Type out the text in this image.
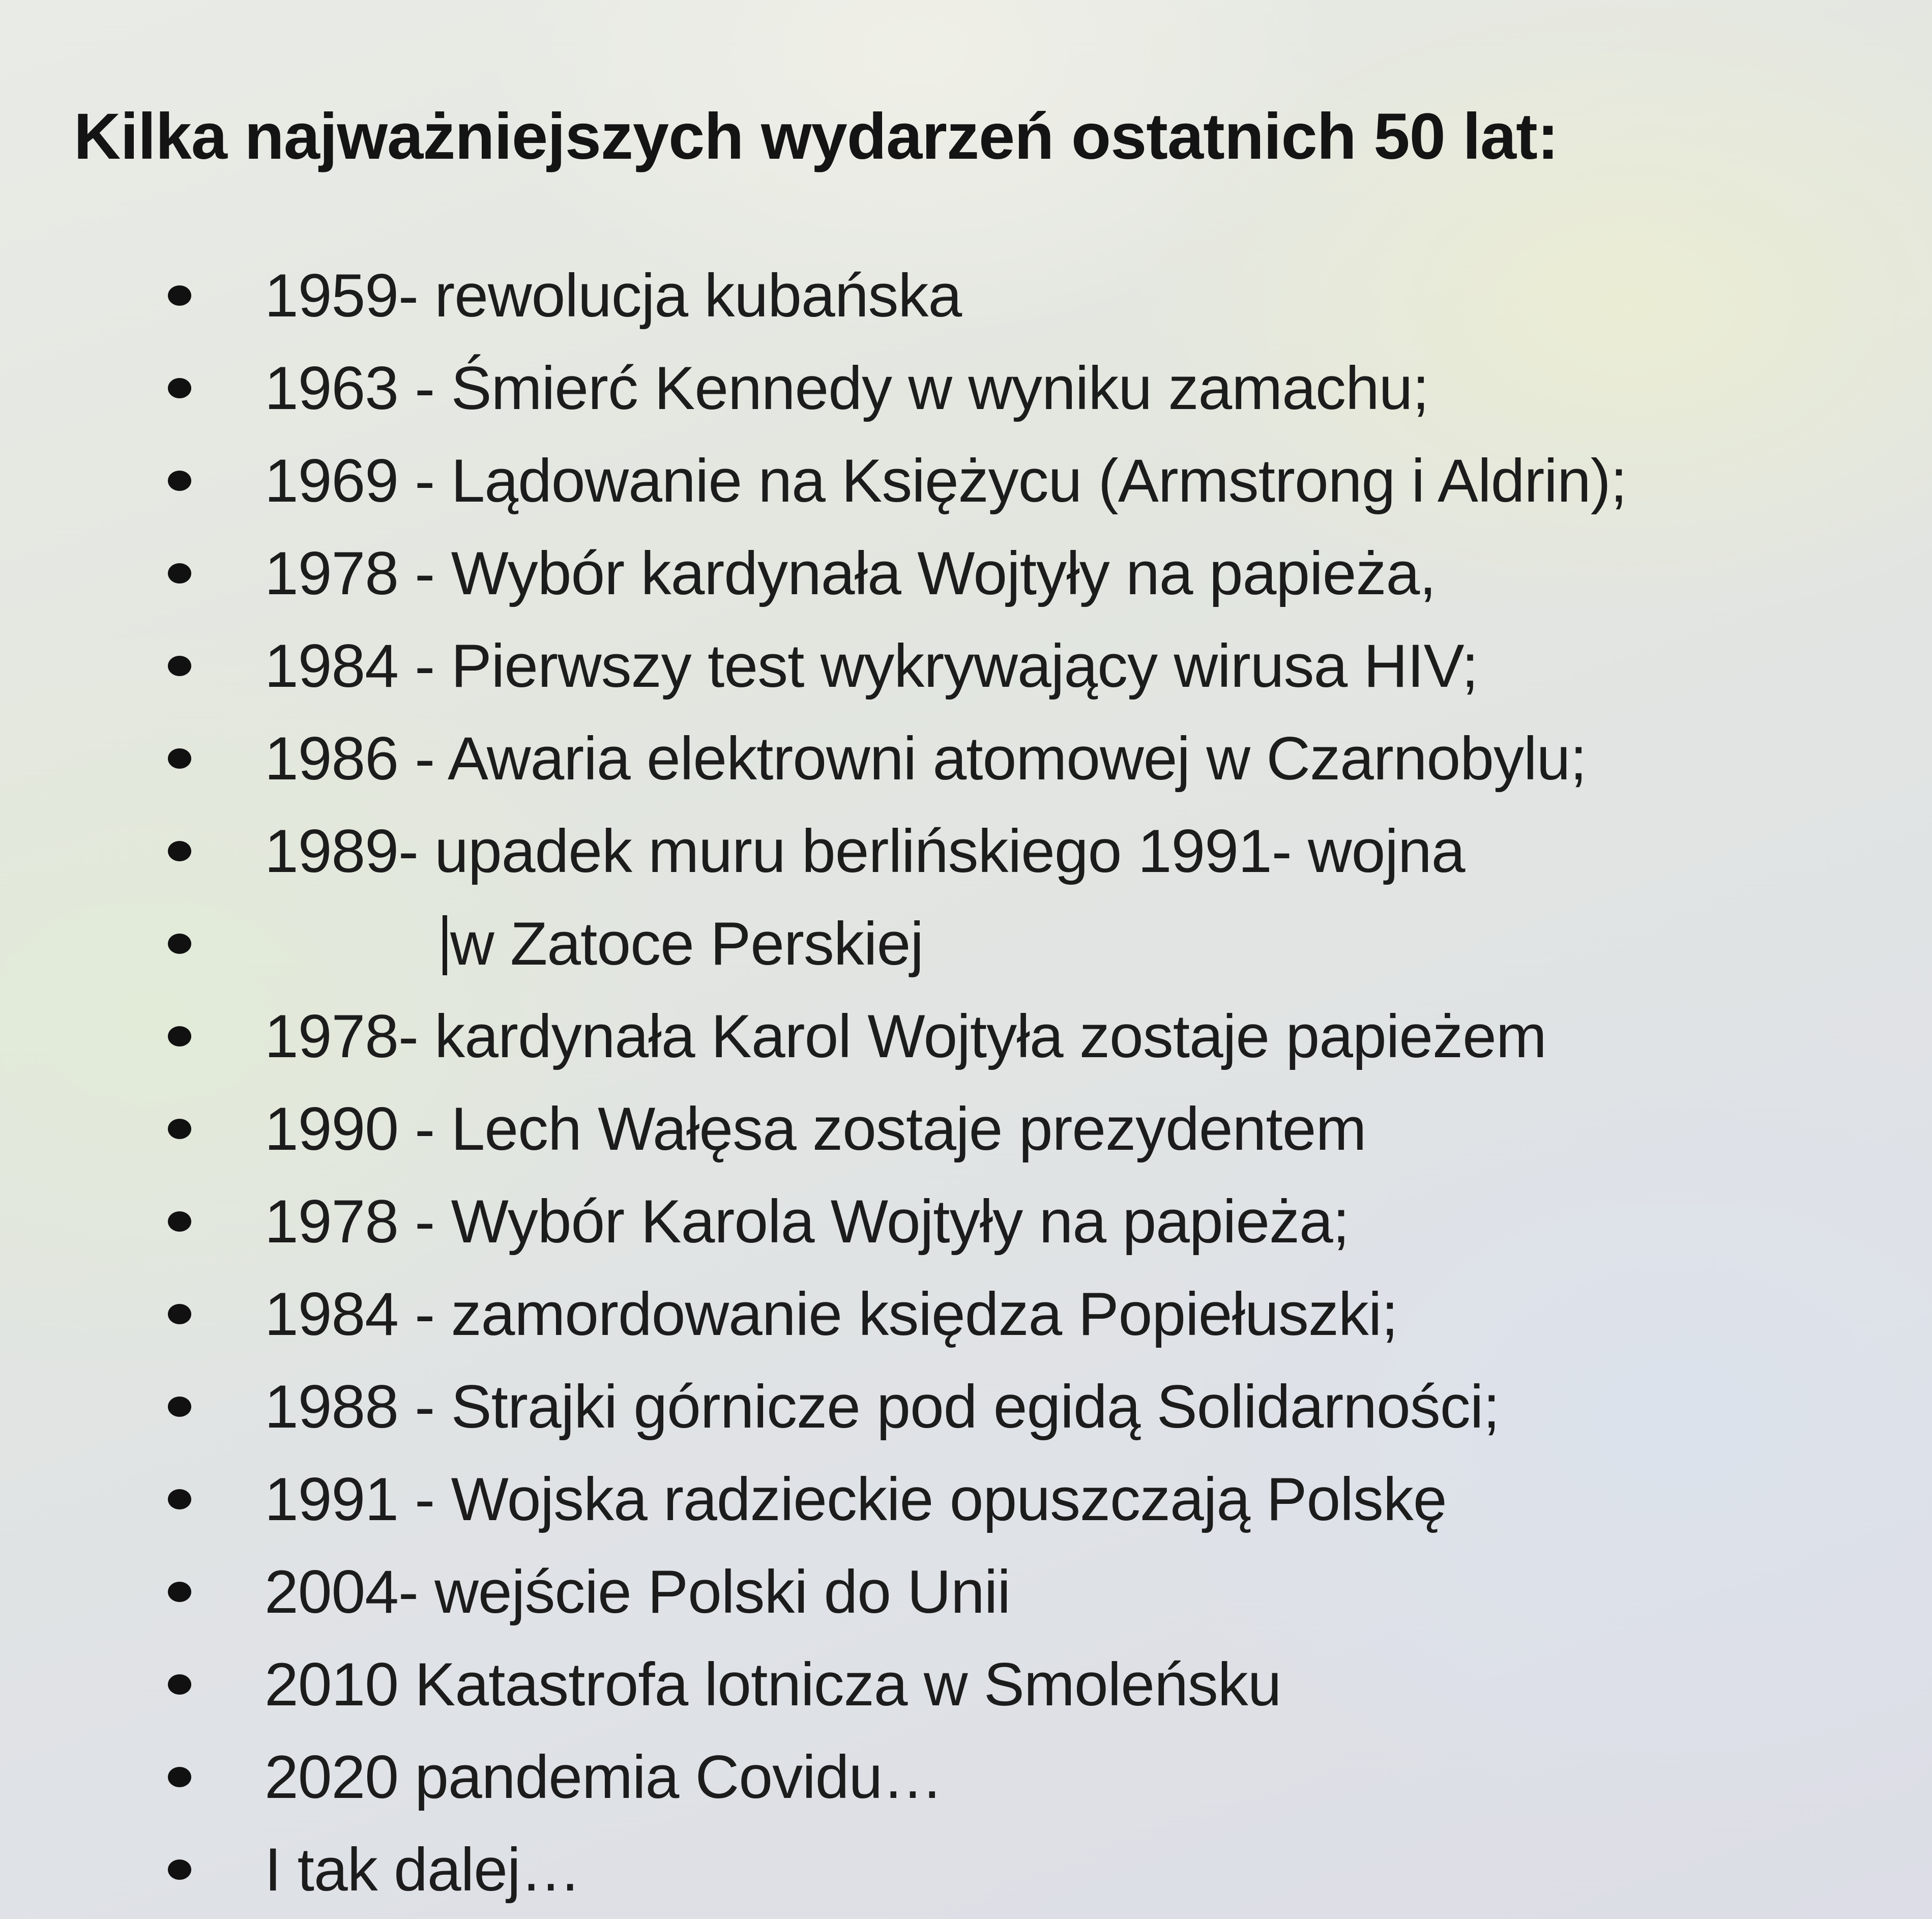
Kilka najważniejszych wydarzeń ostatnich 50 lat:
1959- rewolucja kubańska
1963 - Śmierć Kennedy w wyniku zamachu;
1969 - Lądowanie na Księżycu (Armstrong i Aldrin);
1978 - Wybór kardynała Wojtyły na papieża,
1984 - Pierwszy test wykrywający wirusa HIV;
1986 - Awaria elektrowni atomowej w Czarnobylu;
1989- upadek muru berlińskiego 1991- wojna
w Zatoce Perskiej
1978- kardynała Karol Wojtyła zostaje papieżem
1990 - Lech Wałęsa zostaje prezydentem
1978 - Wybór Karola Wojtyły na papieża;
1984 - zamordowanie księdza Popiełuszki;
1988 - Strajki górnicze pod egidą Solidarności;
1991 - Wojska radzieckie opuszczają Polskę
2004- wejście Polski do Unii
2010 Katastrofa lotnicza w Smoleńsku
2020 pandemia Covidu…
I tak dalej…
